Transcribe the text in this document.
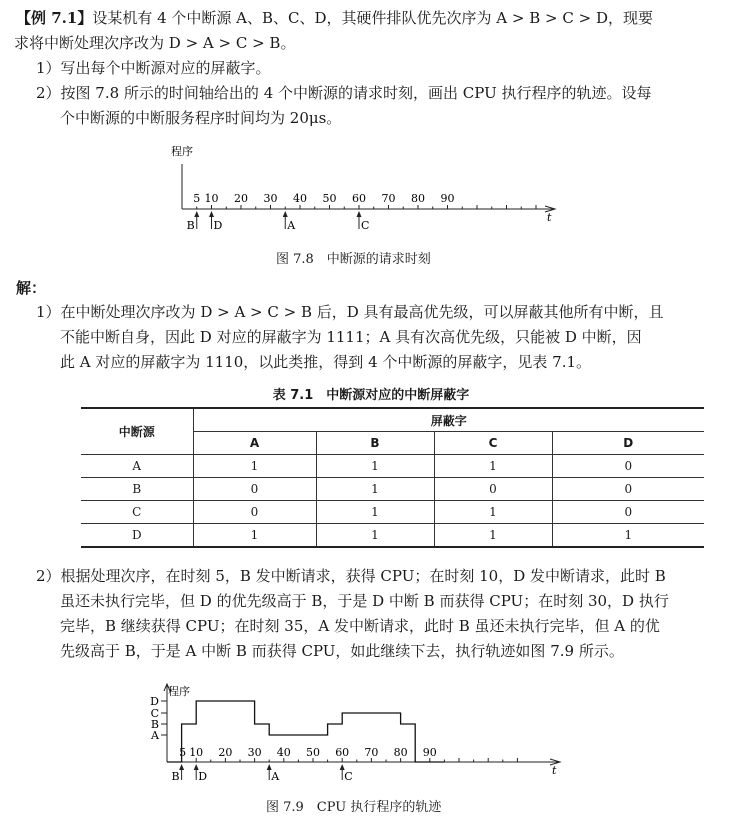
【例 7.1】设某机有 4 个中断源 A、B、C、D，其硬件排队优先次序为 A > B > C > D，现要
求将中断处理次序改为 D > A > C > B。
1）写出每个中断源对应的屏蔽字。
2）按图 7.8 所示的时间轴给出的 4 个中断源的请求时刻，画出 CPU 执行程序的轨迹。设每
个中断源的中断服务程序时间均为 20μs。
程序
t
5 10 20 30 40 50 60 70 80 90
B D	A	C
图 7.8　中断源的请求时刻
解：
1）在中断处理次序改为 D > A > C > B 后，D 具有最高优先级，可以屏蔽其他所有中断，且
不能中断自身，因此 D 对应的屏蔽字为 1111；A 具有次高优先级，只能被 D 中断，因
此 A 对应的屏蔽字为 1110，以此类推，得到 4 个中断源的屏蔽字，见表 7.1。
表 7.1　中断源对应的中断屏蔽字
中断源	屏蔽字			
	A	B	C	D
A	1	1	1	0
B	0	1	0	0
C	0	1	1	0
D	1	1	1	1
2）根据处理次序，在时刻 5，B 发中断请求，获得 CPU；在时刻 10，D 发中断请求，此时 B
虽还未执行完毕，但 D 的优先级高于 B，于是 D 中断 B 而获得 CPU；在时刻 30，D 执行
完毕，B 继续获得 CPU；在时刻 35，A 发中断请求，此时 B 虽还未执行完毕，但 A 的优
先级高于 B，于是 A 中断 B 而获得 CPU，如此继续下去，执行轨迹如图 7.9 所示。
程序
D
C
B
A
t
5 10 20 30 40 50 60 70 80 90
B D	A	C
图 7.9　CPU 执行程序的轨迹
